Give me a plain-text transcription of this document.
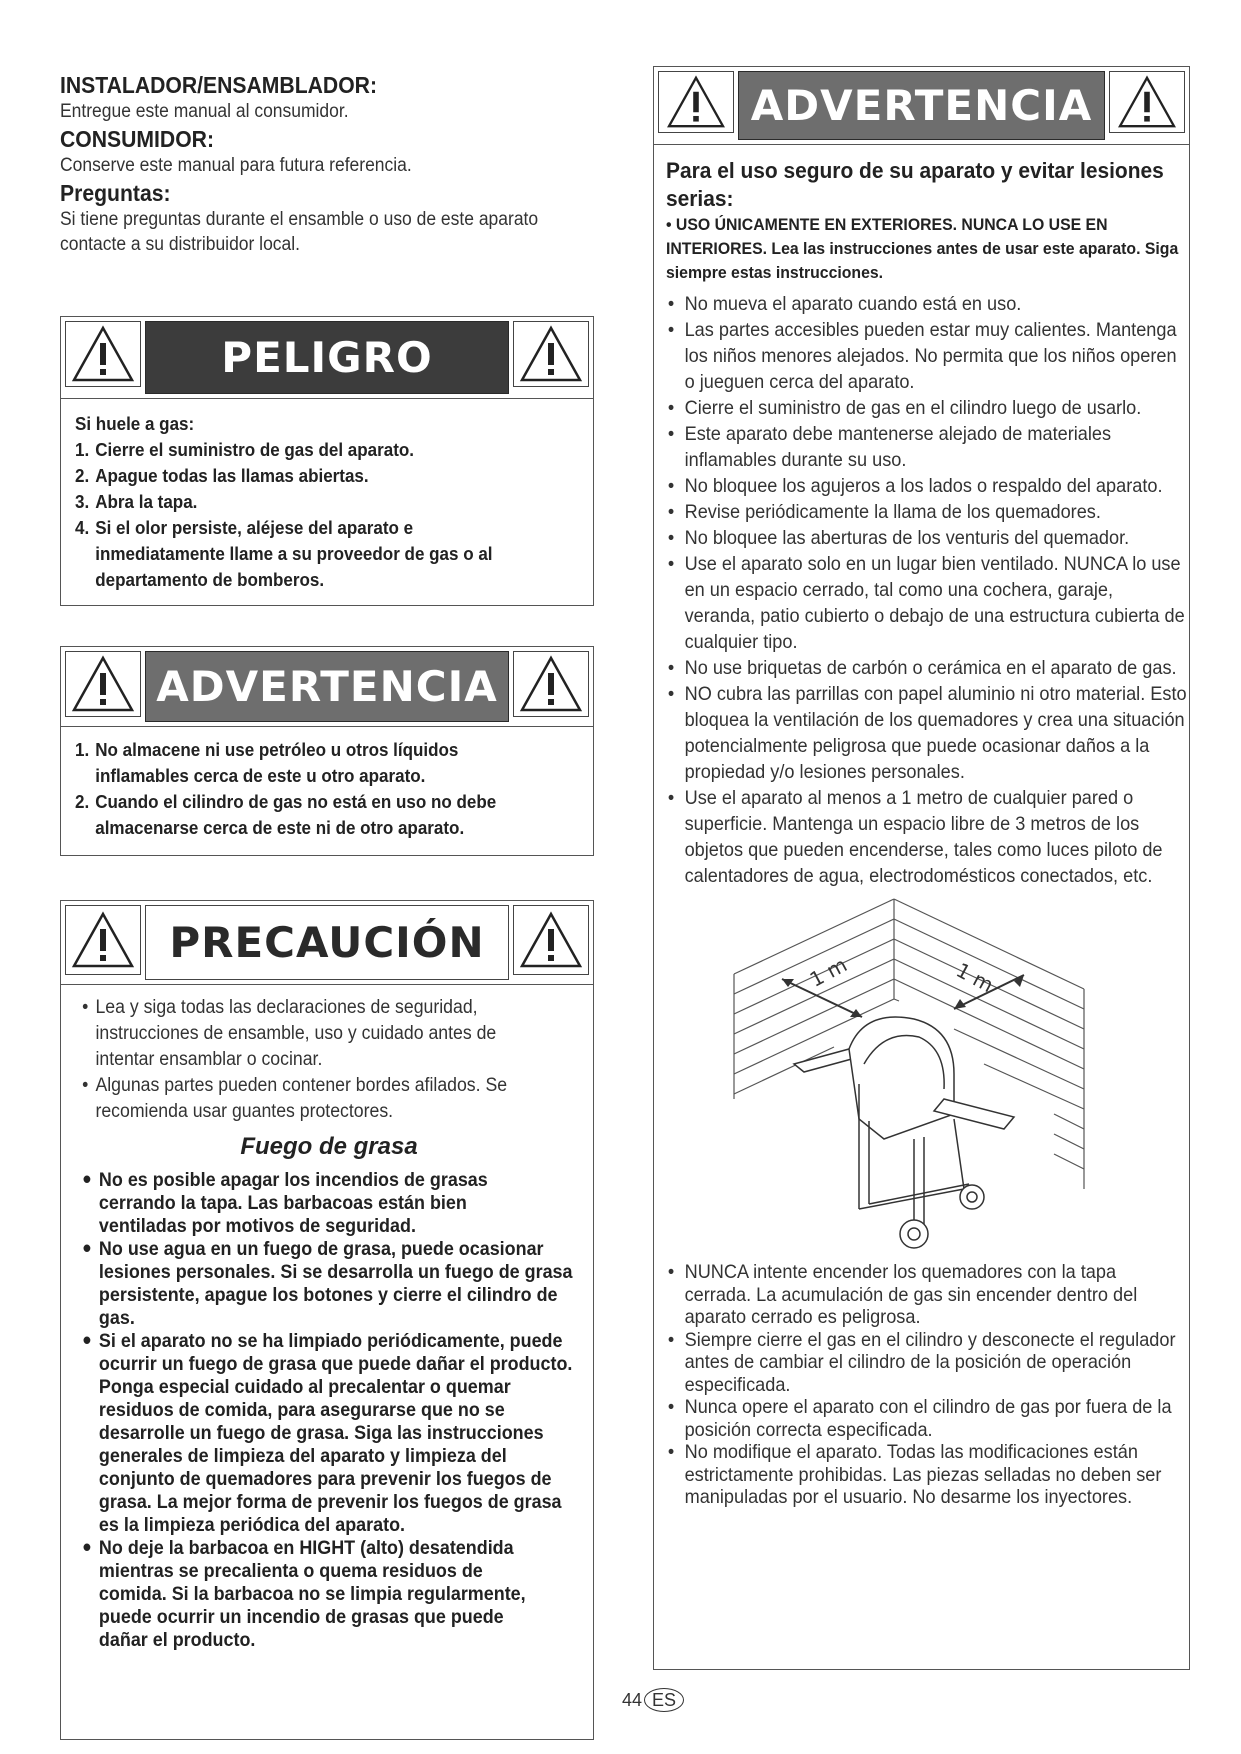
INSTALADOR/ENSAMBLADOR:

Entregue este manual al consumidor.

CONSUMIDOR:

Conserve este manual para futura referencia.

Preguntas:

Si tiene preguntas durante el ensamble o uso de este aparato contacte a su distribuidor local.

PELIGRO
Si huele a gas:
1. Cierre el suministro de gas del aparato.
2. Apague todas las llamas abiertas.
3. Abra la tapa.
4. Si el olor persiste, aléjese del aparato e inmediatamente llame a su proveedor de gas o al departamento de bomberos.
ADVERTENCIA
1. No almacene ni use petróleo u otros líquidos inflamables cerca de este u otro aparato.
2. Cuando el cilindro de gas no está en uso no debe almacenarse cerca de este ni de otro aparato.
PRECAUCIÓN
• Lea y siga todas las declaraciones de seguridad, instrucciones de ensamble, uso y cuidado antes de intentar ensamblar o cocinar.
• Algunas partes pueden contener bordes afilados. Se recomienda usar guantes protectores.
Fuego de grasa
• No es posible apagar los incendios de grasas cerrando la tapa. Las barbacoas están bien ventiladas por motivos de seguridad.
• No use agua en un fuego de grasa, puede ocasionar lesiones personales. Si se desarrolla un fuego de grasa persistente, apague los botones y cierre el cilindro de gas.
• Si el aparato no se ha limpiado periódicamente, puede ocurrir un fuego de grasa que puede dañar el producto. Ponga especial cuidado al precalentar o quemar residuos de comida, para asegurarse que no se desarrolle un fuego de grasa. Siga las instrucciones generales de limpieza del aparato y limpieza del conjunto de quemadores para prevenir los fuegos de grasa. La mejor forma de prevenir los fuegos de grasa es la limpieza periódica del aparato.
• No deje la barbacoa en HIGHT (alto) desatendida mientras se precalienta o quema residuos de comida. Si la barbacoa no se limpia regularmente, puede ocurrir un incendio de grasas que puede dañar el producto.
ADVERTENCIA
Para el uso seguro de su aparato y evitar lesiones serias:
• USO ÚNICAMENTE EN EXTERIORES. NUNCA LO USE EN INTERIORES. Lea las instrucciones antes de usar este aparato. Siga siempre estas instrucciones.
• No mueva el aparato cuando está en uso.
• Las partes accesibles pueden estar muy calientes. Mantenga los niños menores alejados. No permita que los niños operen o jueguen cerca del aparato.
• Cierre el suministro de gas en el cilindro luego de usarlo.
• Este aparato debe mantenerse alejado de materiales inflamables durante su uso.
• No bloquee los agujeros a los lados o respaldo del aparato.
• Revise periódicamente la llama de los quemadores.
• No bloquee las aberturas de los venturis del quemador.
• Use el aparato solo en un lugar bien ventilado. NUNCA lo use en un espacio cerrado, tal como una cochera, garaje, veranda, patio cubierto o debajo de una estructura cubierta de cualquier tipo.
• No use briquetas de carbón o cerámica en el aparato de gas.
• NO cubra las parrillas con papel aluminio ni otro material. Esto bloquea la ventilación de los quemadores y crea una situación potencialmente peligrosa que puede ocasionar daños a la propiedad y/o lesiones personales.
• Use el aparato al menos a 1 metro de cualquier pared o superficie. Mantenga un espacio libre de 3 metros de los objetos que pueden encenderse, tales como luces piloto de calentadores de agua, electrodomésticos conectados, etc.
1 m	1 m
• NUNCA intente encender los quemadores con la tapa cerrada. La acumulación de gas sin encender dentro del aparato cerrado es peligrosa.
• Siempre cierre el gas en el cilindro y desconecte el regulador antes de cambiar el cilindro de la posición de operación especificada.
• Nunca opere el aparato con el cilindro de gas por fuera de la posición correcta especificada.
• No modifique el aparato. Todas las modificaciones están estrictamente prohibidas. Las piezas selladas no deben ser manipuladas por el usuario. No desarme los inyectores.
44 ES
